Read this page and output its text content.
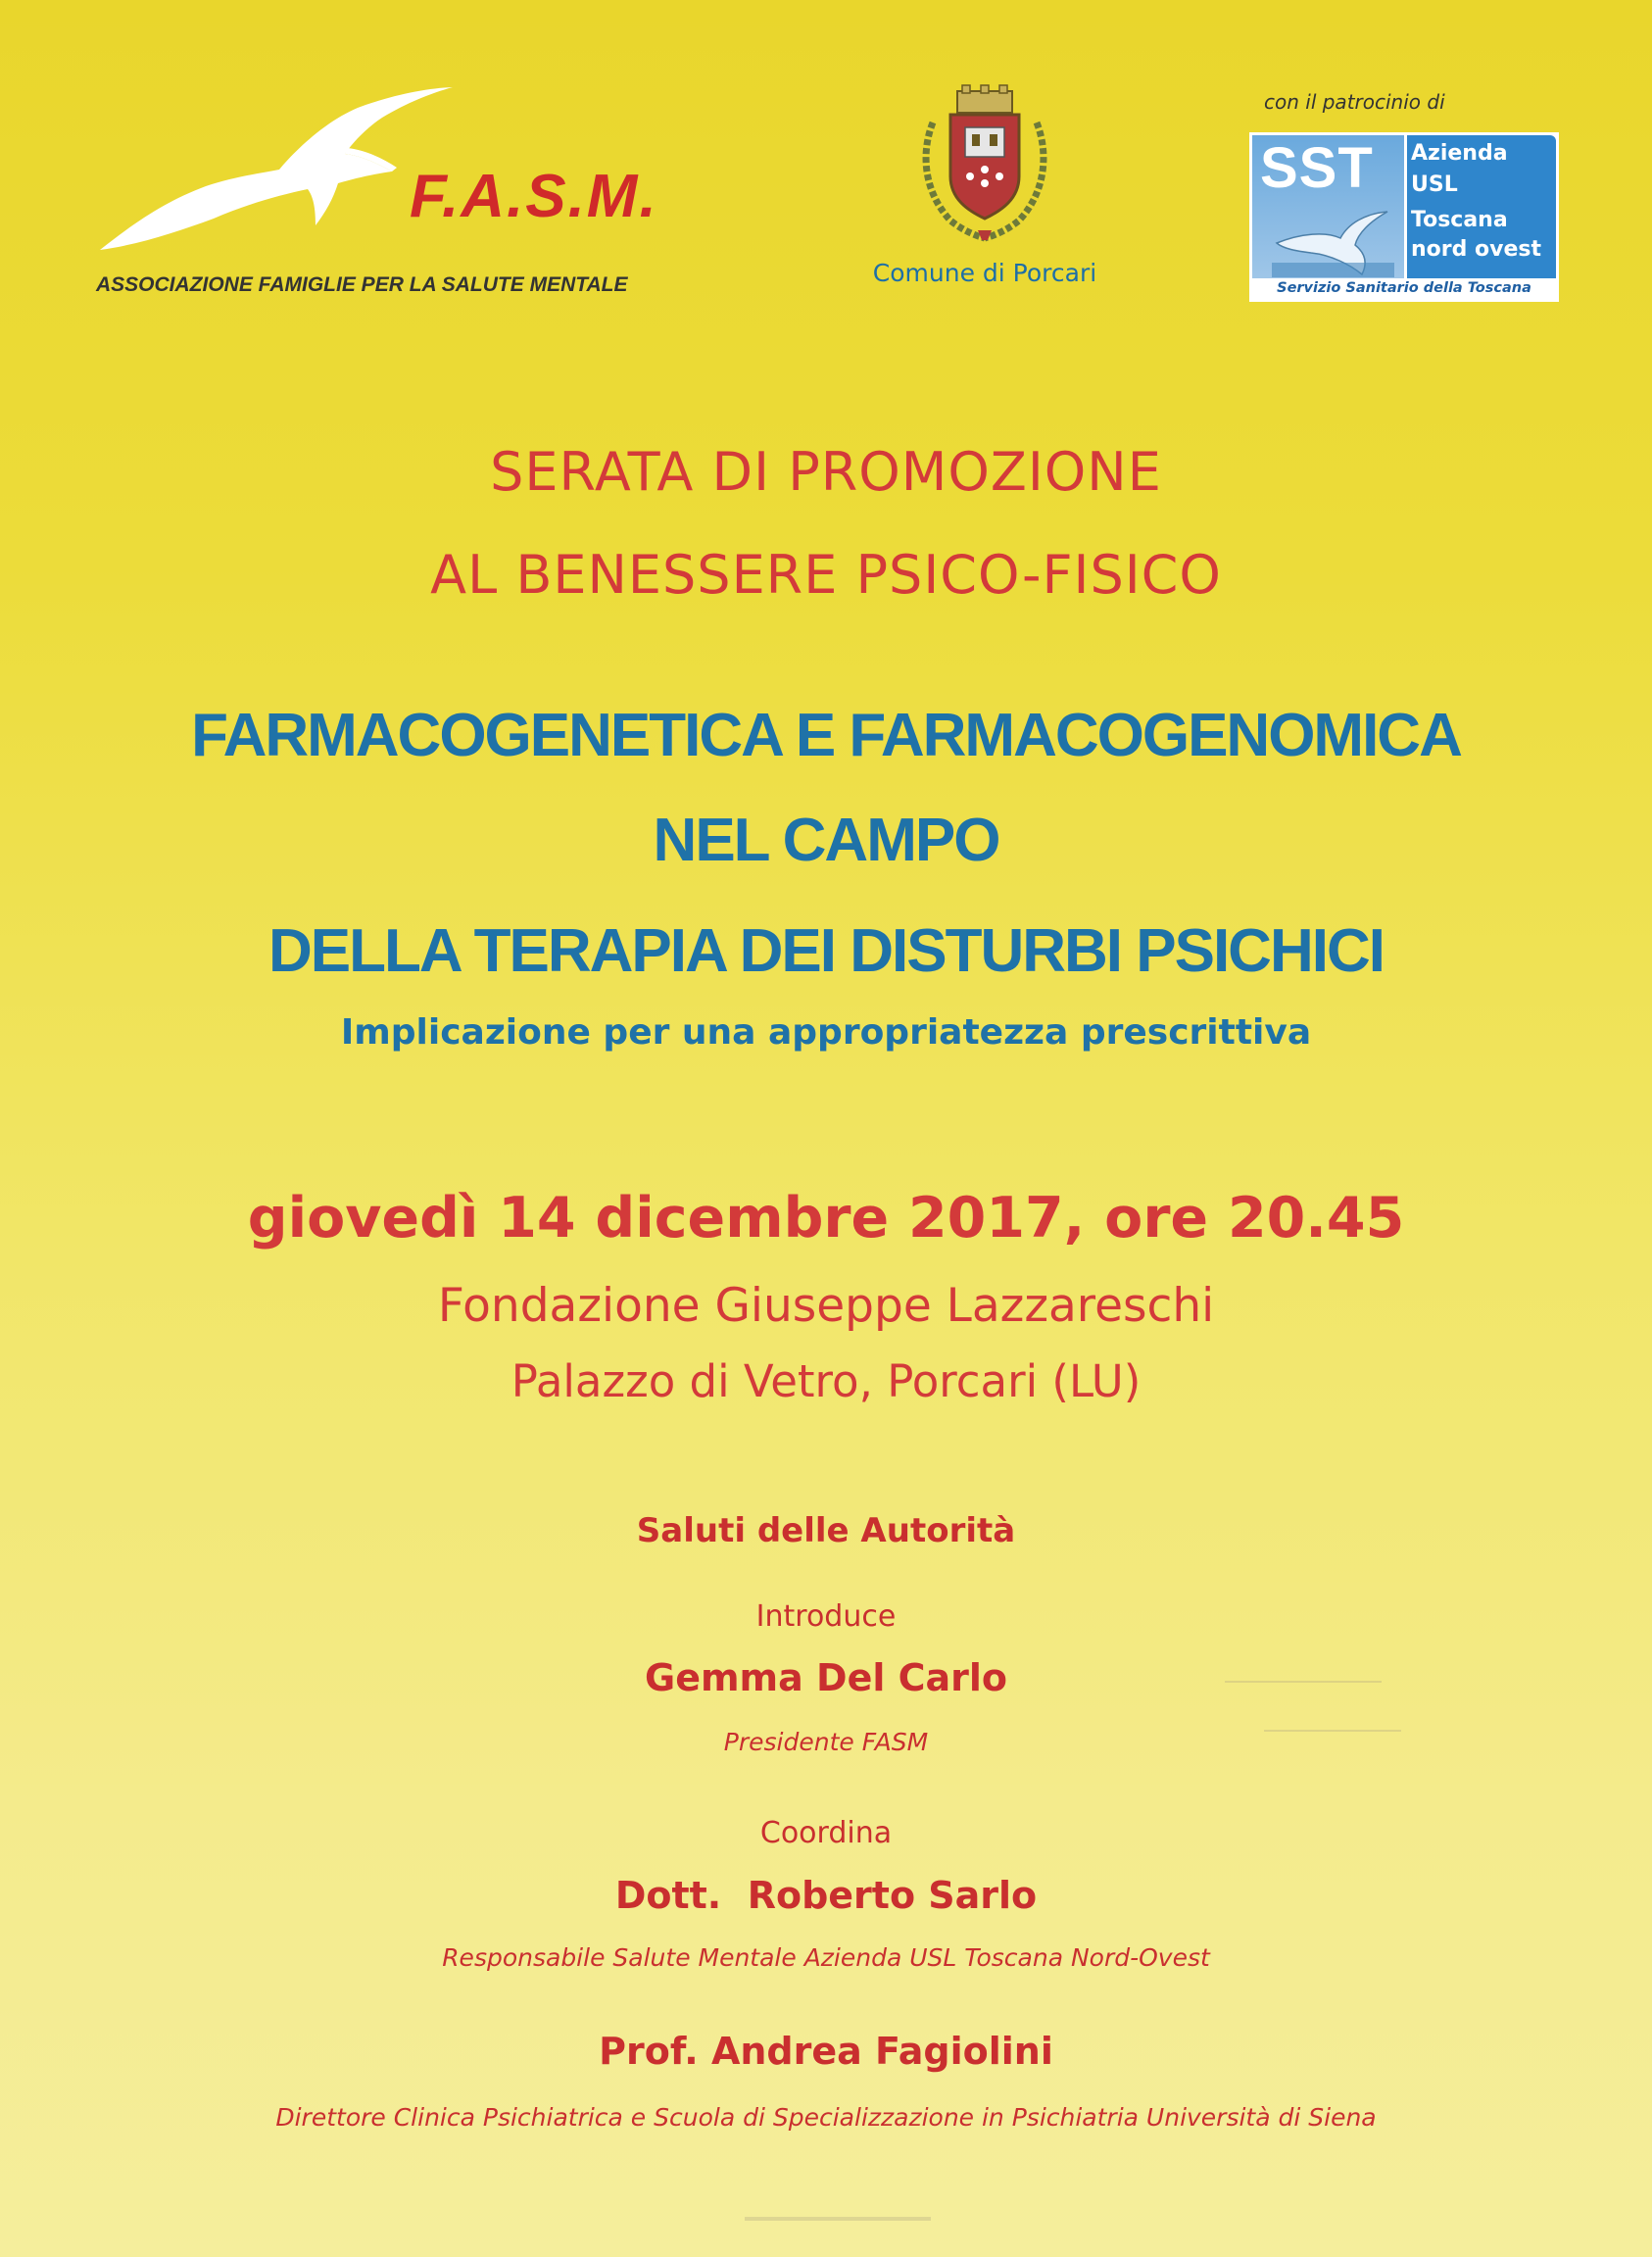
F.A.S.M.
ASSOCIAZIONE FAMIGLIE PER LA SALUTE MENTALE	Comune di Porcari
con il patrocinio di
SST Azienda
USL
Toscana
nord ovest
Servizio Sanitario della Toscana
SERATA DI PROMOZIONE
AL BENESSERE PSICO-FISICO
FARMACOGENETICA E FARMACOGENOMICA
NEL CAMPO
DELLA TERAPIA DEI DISTURBI PSICHICI
Implicazione per una appropriatezza prescrittiva
giovedì 14 dicembre 2017, ore 20.45
Fondazione Giuseppe Lazzareschi
Palazzo di Vetro, Porcari (LU)
Saluti delle Autorità
Introduce
Gemma Del Carlo
Presidente FASM
Coordina
Dott.  Roberto Sarlo
Responsabile Salute Mentale Azienda USL Toscana Nord-Ovest
Prof. Andrea Fagiolini
Direttore Clinica Psichiatrica e Scuola di Specializzazione in Psichiatria Università di Siena
